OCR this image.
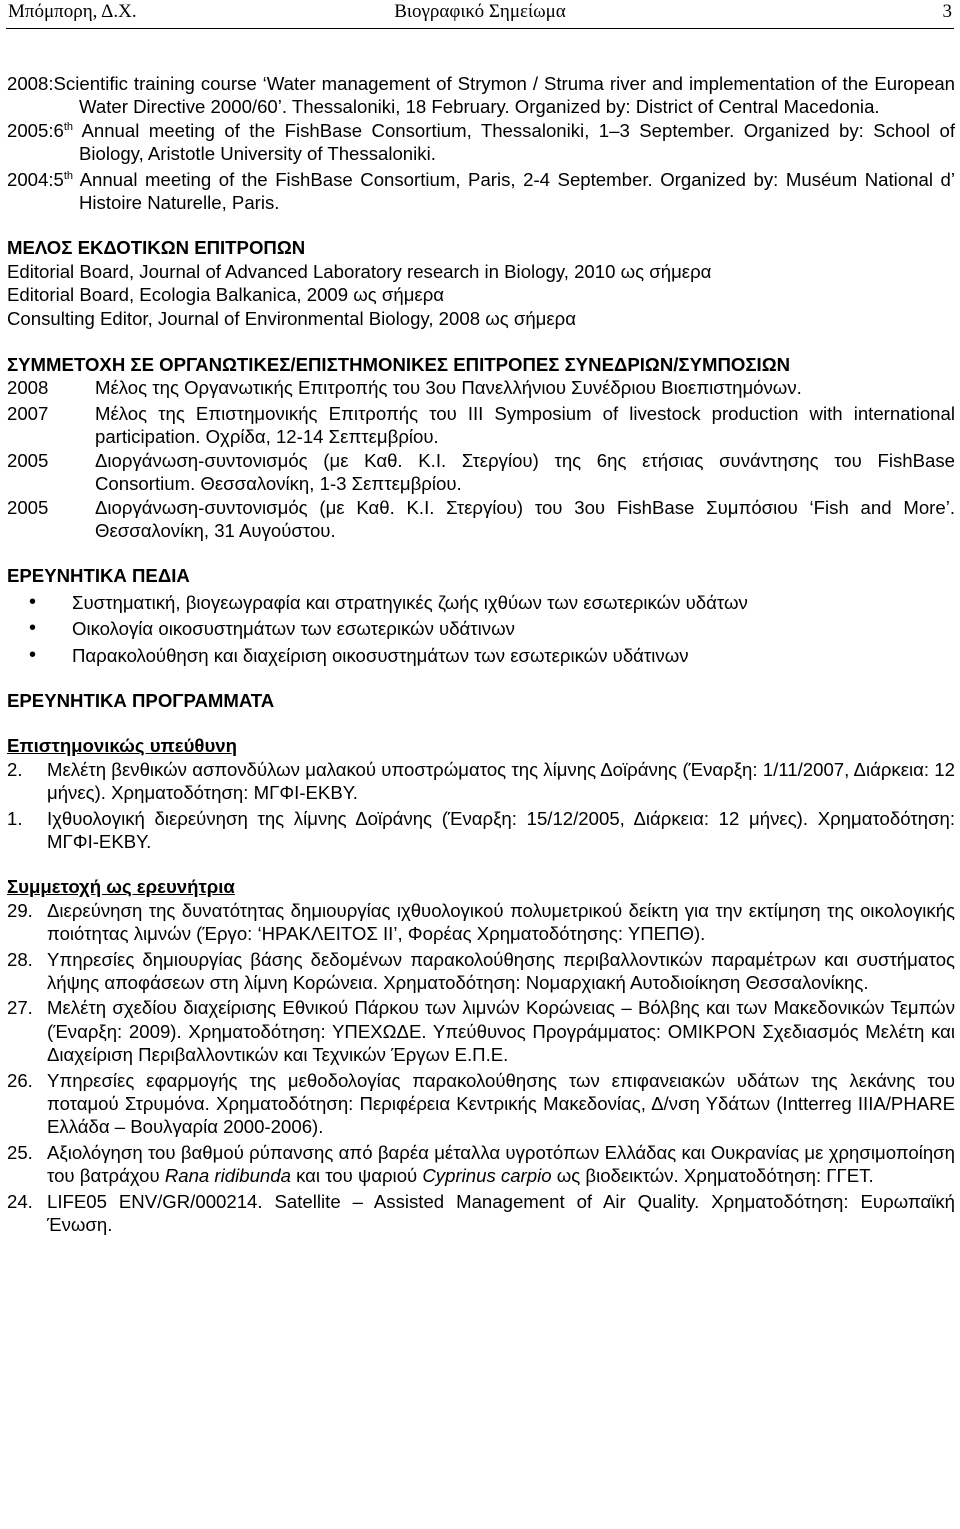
Μπόμπορη, Δ.Χ.	Βιογραφικό Σημείωμα	3
2008:Scientific training course ‘Water management of Strymon / Struma river and implementation of the European Water Directive 2000/60’. Thessaloniki, 18 February. Organized by: District of Central Macedonia.
2005:6th Annual meeting of the FishBase Consortium, Thessaloniki, 1–3 September. Organized by: School of Biology, Aristotle University of Thessaloniki.
2004:5th Annual meeting of the FishBase Consortium, Paris, 2-4 September. Organized by: Muséum National d’ Histoire Naturelle, Paris.
ΜΕΛΟΣ ΕΚΔΟΤΙΚΩΝ ΕΠΙΤΡΟΠΩΝ
Editorial Board, Journal of Advanced Laboratory research in Biology, 2010 ως σήμερα
Editorial Board, Ecologia Balkanica, 2009 ως σήμερα
Consulting Editor, Journal of Environmental Biology, 2008 ως σήμερα
ΣΥΜΜΕΤΟΧΗ ΣΕ ΟΡΓΑΝΩΤΙΚΕΣ/ΕΠΙΣΤΗΜΟΝΙΚΕΣ ΕΠΙΤΡΟΠΕΣ ΣΥΝΕΔΡΙΩΝ/ΣΥΜΠΟΣΙΩΝ
2008	Μέλος της Οργανωτικής Επιτροπής του 3ου Πανελλήνιου Συνέδριου Βιοεπιστημόνων.
2007	Μέλος της Επιστημονικής Επιτροπής του III Symposium of livestock production with international participation. Οχρίδα, 12-14 Σεπτεμβρίου.
2005	Διοργάνωση-συντονισμός (με Καθ. Κ.Ι. Στεργίου) της 6ης ετήσιας συνάντησης του FishBase Consortium. Θεσσαλονίκη, 1-3 Σεπτεμβρίου.
2005	Διοργάνωση-συντονισμός (με Καθ. Κ.Ι. Στεργίου) του 3ου FishBase Συμπόσιου ‘Fish and More’. Θεσσαλονίκη, 31 Αυγούστου.
ΕΡΕΥΝΗΤΙΚΑ ΠΕΔΙΑ
• Συστηματική, βιογεωγραφία και στρατηγικές ζωής ιχθύων των εσωτερικών υδάτων
• Οικολογία οικοσυστημάτων των εσωτερικών υδάτινων
• Παρακολούθηση και διαχείριση οικοσυστημάτων των εσωτερικών υδάτινων
ΕΡΕΥΝΗΤΙΚΑ ΠΡΟΓΡΑΜΜΑΤΑ
Επιστημονικώς υπεύθυνη
2.	Μελέτη βενθικών ασπονδύλων μαλακού υποστρώματος της λίμνης Δοϊράνης (Έναρξη: 1/11/2007, Διάρκεια: 12 μήνες). Χρηματοδότηση: ΜΓΦΙ-ΕΚΒΥ.
1.	Ιχθυολογική διερεύνηση της λίμνης Δοϊράνης (Έναρξη: 15/12/2005, Διάρκεια: 12 μήνες). Χρηματοδότηση: ΜΓΦΙ-ΕΚΒΥ.
Συμμετοχή ως ερευνήτρια
29. Διερεύνηση της δυνατότητας δημιουργίας ιχθυολογικού πολυμετρικού δείκτη για την εκτίμηση της οικολογικής ποιότητας λιμνών (Έργο: ‘ΗΡΑΚΛΕΙΤΟΣ ΙΙ’, Φορέας Χρηματοδότησης: ΥΠΕΠΘ).
28. Υπηρεσίες δημιουργίας βάσης δεδομένων παρακολούθησης περιβαλλοντικών παραμέτρων και συστήματος λήψης αποφάσεων στη λίμνη Κορώνεια. Χρηματοδότηση: Νομαρχιακή Αυτοδιοίκηση Θεσσαλονίκης.
27. Μελέτη σχεδίου διαχείρισης Εθνικού Πάρκου των λιμνών Κορώνειας – Βόλβης και των Μακεδονικών Τεμπών (Έναρξη: 2009). Χρηματοδότηση: ΥΠΕΧΩΔΕ. Υπεύθυνος Προγράμματος: ΟΜΙΚΡΟΝ Σχεδιασμός Μελέτη και Διαχείριση Περιβαλλοντικών και Τεχνικών Έργων Ε.Π.Ε.
26. Υπηρεσίες εφαρμογής της μεθοδολογίας παρακολούθησης των επιφανειακών υδάτων της λεκάνης του ποταμού Στρυμόνα. Χρηματοδότηση: Περιφέρεια Κεντρικής Μακεδονίας, Δ/νση Υδάτων (Intterreg IIIA/PHARE Ελλάδα – Βουλγαρία 2000-2006).
25. Αξιολόγηση του βαθμού ρύπανσης από βαρέα μέταλλα υγροτόπων Ελλάδας και Ουκρανίας με χρησιμοποίηση του βατράχου Rana ridibunda και του ψαριού Cyprinus carpio ως βιοδεικτών. Χρηματοδότηση: ΓΓΕΤ.
24. LIFE05 ENV/GR/000214. Satellite – Assisted Management of Air Quality. Χρηματοδότηση: Ευρωπαϊκή Ένωση.
